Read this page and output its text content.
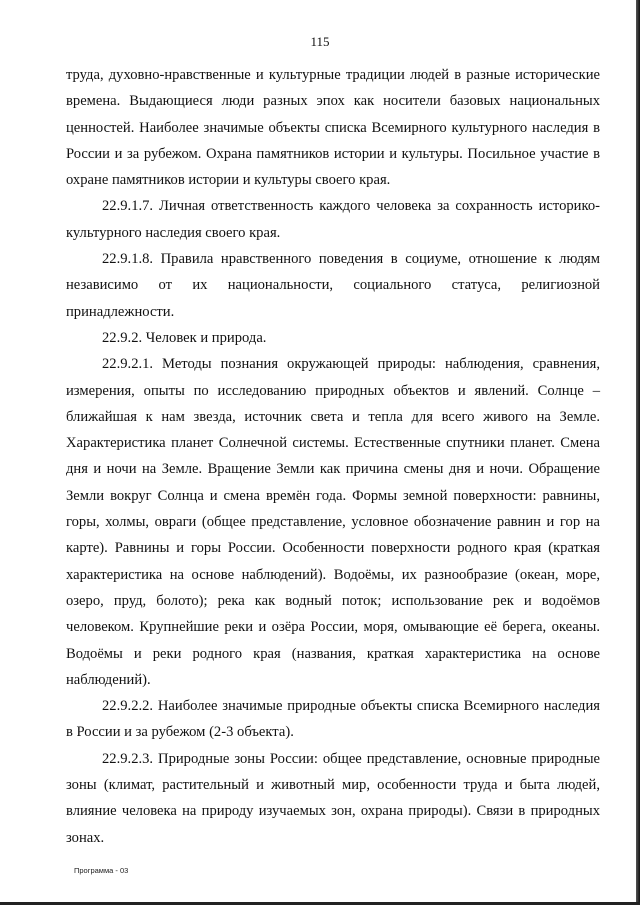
115

труда, духовно-нравственные и культурные традиции людей в разные исторические времена. Выдающиеся люди разных эпох как носители базовых национальных ценностей. Наиболее значимые объекты списка Всемирного культурного наследия в России и за рубежом. Охрана памятников истории и культуры. Посильное участие в охране памятников истории и культуры своего края.

22.9.1.7. Личная ответственность каждого человека за сохранность историко-культурного наследия своего края.

22.9.1.8. Правила нравственного поведения в социуме, отношение к людям независимо от их национальности, социального статуса, религиозной принадлежности.

22.9.2. Человек и природа.

22.9.2.1. Методы познания окружающей природы: наблюдения, сравнения, измерения, опыты по исследованию природных объектов и явлений. Солнце – ближайшая к нам звезда, источник света и тепла для всего живого на Земле. Характеристика планет Солнечной системы. Естественные спутники планет. Смена дня и ночи на Земле. Вращение Земли как причина смены дня и ночи. Обращение Земли вокруг Солнца и смена времён года. Формы земной поверхности: равнины, горы, холмы, овраги (общее представление, условное обозначение равнин и гор на карте). Равнины и горы России. Особенности поверхности родного края (краткая характеристика на основе наблюдений). Водоёмы, их разнообразие (океан, море, озеро, пруд, болото); река как водный поток; использование рек и водоёмов человеком. Крупнейшие реки и озёра России, моря, омывающие её берега, океаны. Водоёмы и реки родного края (названия, краткая характеристика на основе наблюдений).

22.9.2.2. Наиболее значимые природные объекты списка Всемирного наследия в России и за рубежом (2-3 объекта).

22.9.2.3. Природные зоны России: общее представление, основные природные зоны (климат, растительный и животный мир, особенности труда и быта людей, влияние человека на природу изучаемых зон, охрана природы). Связи в природных зонах.

Программа - 03
